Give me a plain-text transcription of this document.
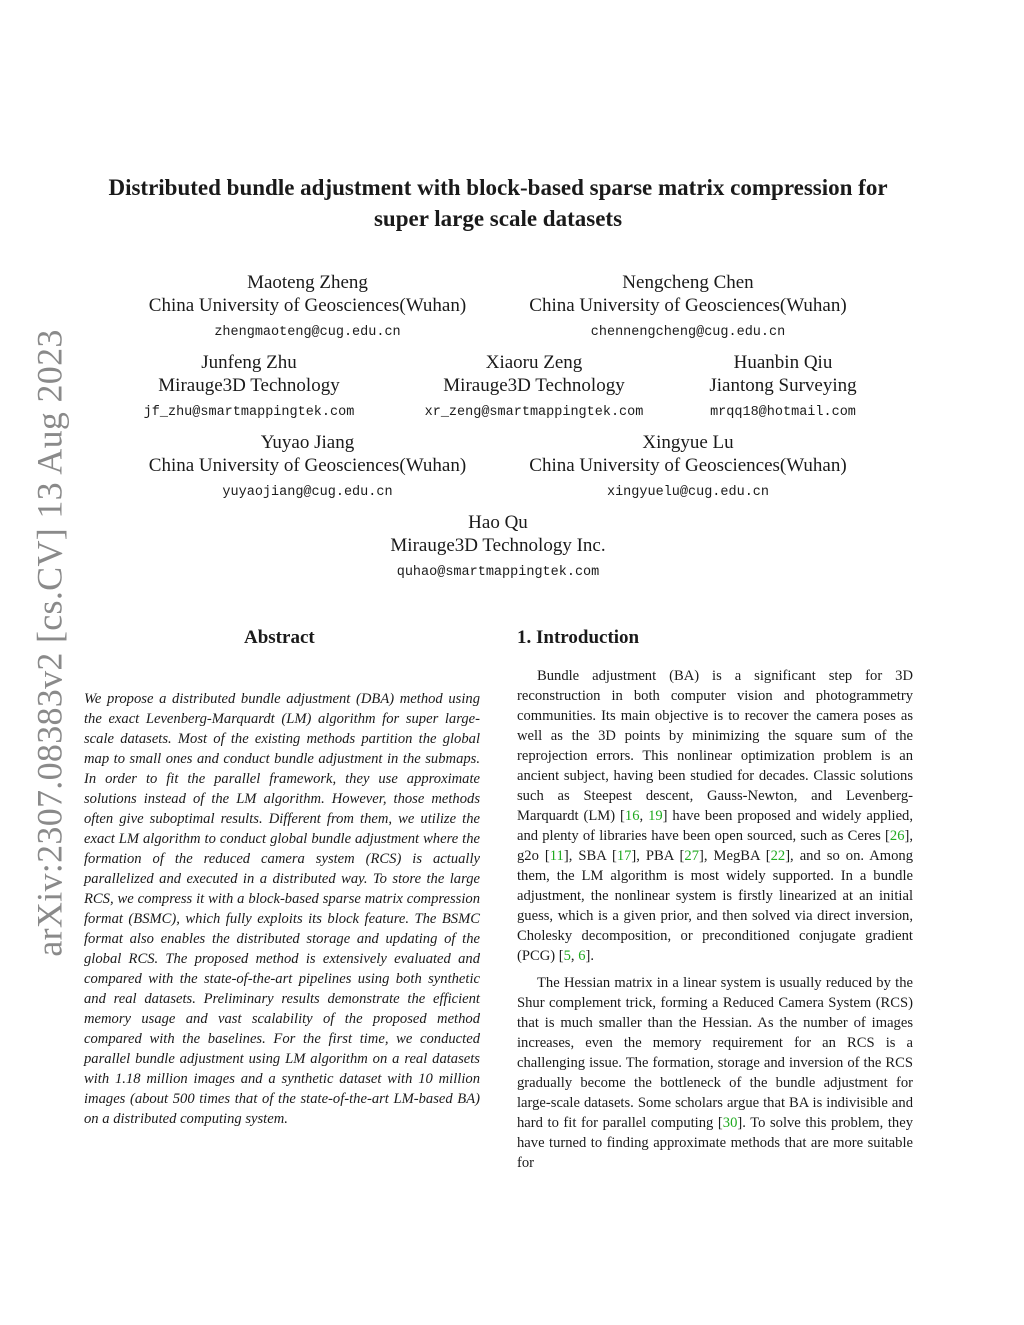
arXiv:2307.08383v2 [cs.CV] 13 Aug 2023
Distributed bundle adjustment with block-based sparse matrix compression for super large scale datasets
Maoteng Zheng
China University of Geosciences(Wuhan)
zhengmaoteng@cug.edu.cn
Nengcheng Chen
China University of Geosciences(Wuhan)
chennengcheng@cug.edu.cn
Junfeng Zhu
Mirauge3D Technology
jf_zhu@smartmappingtek.com
Xiaoru Zeng
Mirauge3D Technology
xr_zeng@smartmappingtek.com
Huanbin Qiu
Jiantong Surveying
mrqq18@hotmail.com
Yuyao Jiang
China University of Geosciences(Wuhan)
yuyaojiang@cug.edu.cn
Xingyue Lu
China University of Geosciences(Wuhan)
xingyuelu@cug.edu.cn
Hao Qu
Mirauge3D Technology Inc.
quhao@smartmappingtek.com
Abstract

We propose a distributed bundle adjustment (DBA) method using the exact Levenberg-Marquardt (LM) algorithm for super large-scale datasets. Most of the existing methods partition the global map to small ones and conduct bundle adjustment in the submaps. In order to fit the parallel framework, they use approximate solutions instead of the LM algorithm. However, those methods often give suboptimal results. Different from them, we utilize the exact LM algorithm to conduct global bundle adjustment where the formation of the reduced camera system (RCS) is actually parallelized and executed in a distributed way. To store the large RCS, we compress it with a block-based sparse matrix compression format (BSMC), which fully exploits its block feature. The BSMC format also enables the distributed storage and updating of the global RCS. The proposed method is extensively evaluated and compared with the state-of-the-art pipelines using both synthetic and real datasets. Preliminary results demonstrate the efficient memory usage and vast scalability of the proposed method compared with the baselines. For the first time, we conducted parallel bundle adjustment using LM algorithm on a real datasets with 1.18 million images and a synthetic dataset with 10 million images (about 500 times that of the state-of-the-art LM-based BA) on a distributed computing system.

1. Introduction

Bundle adjustment (BA) is a significant step for 3D reconstruction in both computer vision and photogrammetry communities. Its main objective is to recover the camera poses as well as the 3D points by minimizing the square sum of the reprojection errors. This nonlinear optimization problem is an ancient subject, having been studied for decades. Classic solutions such as Steepest descent, Gauss-Newton, and Levenberg-Marquardt (LM) [16, 19] have been proposed and widely applied, and plenty of libraries have been open sourced, such as Ceres [26], g2o [11], SBA [17], PBA [27], MegBA [22], and so on. Among them, the LM algorithm is most widely supported. In a bundle adjustment, the nonlinear system is firstly linearized at an initial guess, which is a given prior, and then solved via direct inversion, Cholesky decomposition, or preconditioned conjugate gradient (PCG) [5, 6].

The Hessian matrix in a linear system is usually reduced by the Shur complement trick, forming a Reduced Camera System (RCS) that is much smaller than the Hessian. As the number of images increases, even the memory requirement for an RCS is a challenging issue. The formation, storage and inversion of the RCS gradually become the bottleneck of the bundle adjustment for large-scale datasets. Some scholars argue that BA is indivisible and hard to fit for parallel computing [30]. To solve this problem, they have turned to finding approximate methods that are more suitable for
